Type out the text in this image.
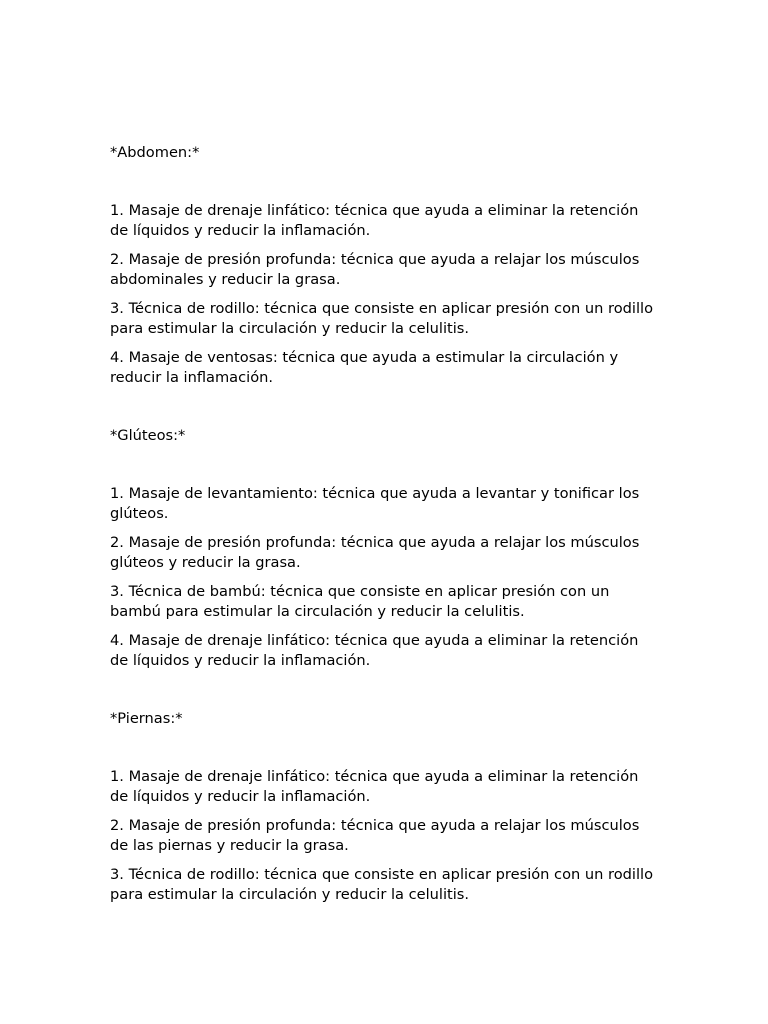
*Abdomen:*
1. Masaje de drenaje linfático: técnica que ayuda a eliminar la retención de líquidos y reducir la inflamación.
2. Masaje de presión profunda: técnica que ayuda a relajar los músculos abdominales y reducir la grasa.
3. Técnica de rodillo: técnica que consiste en aplicar presión con un rodillo para estimular la circulación y reducir la celulitis.
4. Masaje de ventosas: técnica que ayuda a estimular la circulación y reducir la inflamación.
*Glúteos:*
1. Masaje de levantamiento: técnica que ayuda a levantar y tonificar los glúteos.
2. Masaje de presión profunda: técnica que ayuda a relajar los músculos glúteos y reducir la grasa.
3. Técnica de bambú: técnica que consiste en aplicar presión con un bambú para estimular la circulación y reducir la celulitis.
4. Masaje de drenaje linfático: técnica que ayuda a eliminar la retención de líquidos y reducir la inflamación.
*Piernas:*
1. Masaje de drenaje linfático: técnica que ayuda a eliminar la retención de líquidos y reducir la inflamación.
2. Masaje de presión profunda: técnica que ayuda a relajar los músculos de las piernas y reducir la grasa.
3. Técnica de rodillo: técnica que consiste en aplicar presión con un rodillo para estimular la circulación y reducir la celulitis.
